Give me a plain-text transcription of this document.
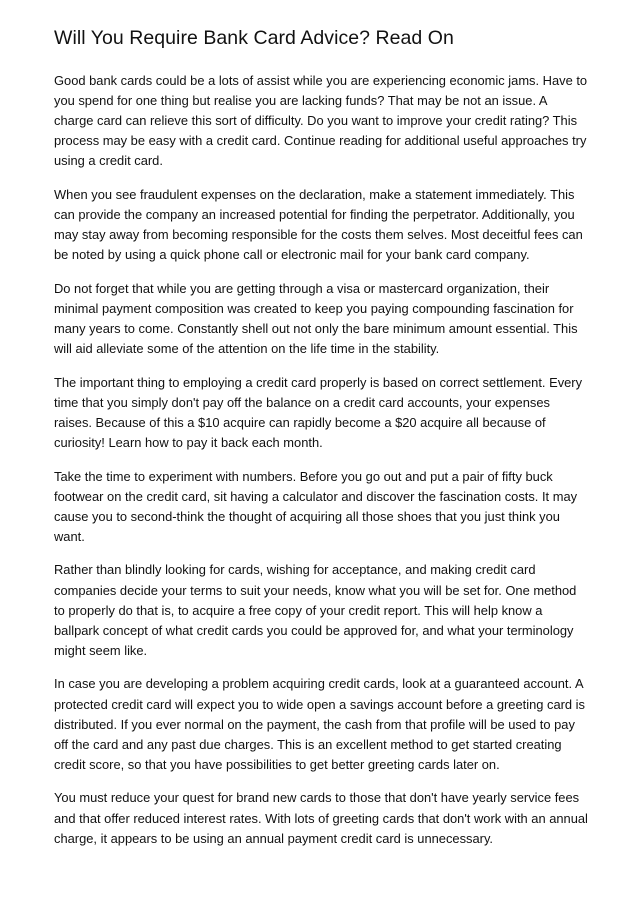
Will You Require Bank Card Advice? Read On

Good bank cards could be a lots of assist while you are experiencing economic jams. Have to you spend for one thing but realise you are lacking funds? That may be not an issue. A charge card can relieve this sort of difficulty. Do you want to improve your credit rating? This process may be easy with a credit card. Continue reading for additional useful approaches try using a credit card.

When you see fraudulent expenses on the declaration, make a statement immediately. This can provide the company an increased potential for finding the perpetrator. Additionally, you may stay away from becoming responsible for the costs them selves. Most deceitful fees can be noted by using a quick phone call or electronic mail for your bank card company.

Do not forget that while you are getting through a visa or mastercard organization, their minimal payment composition was created to keep you paying compounding fascination for many years to come. Constantly shell out not only the bare minimum amount essential. This will aid alleviate some of the attention on the life time in the stability.

The important thing to employing a credit card properly is based on correct settlement. Every time that you simply don't pay off the balance on a credit card accounts, your expenses raises. Because of this a $10 acquire can rapidly become a $20 acquire all because of curiosity! Learn how to pay it back each month.

Take the time to experiment with numbers. Before you go out and put a pair of fifty buck footwear on the credit card, sit having a calculator and discover the fascination costs. It may cause you to second-think the thought of acquiring all those shoes that you just think you want.

Rather than blindly looking for cards, wishing for acceptance, and making credit card companies decide your terms to suit your needs, know what you will be set for. One method to properly do that is, to acquire a free copy of your credit report. This will help know a ballpark concept of what credit cards you could be approved for, and what your terminology might seem like.

In case you are developing a problem acquiring credit cards, look at a guaranteed account. A protected credit card will expect you to wide open a savings account before a greeting card is distributed. If you ever normal on the payment, the cash from that profile will be used to pay off the card and any past due charges. This is an excellent method to get started creating credit score, so that you have possibilities to get better greeting cards later on.

You must reduce your quest for brand new cards to those that don't have yearly service fees and that offer reduced interest rates. With lots of greeting cards that don't work with an annual charge, it appears to be using an annual payment credit card is unnecessary.
